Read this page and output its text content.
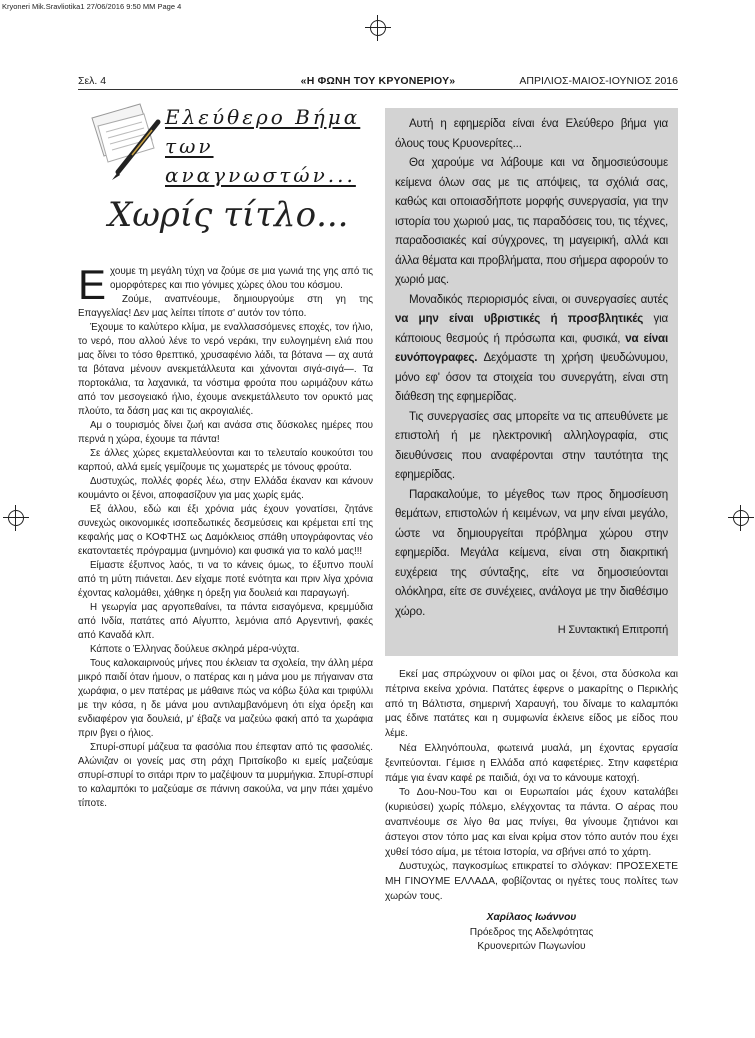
Kryoneri Mik.Sravliotika1 27/06/2016 9:50 ΜΜ Page 4
Σελ. 4	«Η ΦΩΝΗ ΤΟΥ ΚΡΥΟΝΕΡΙΟΥ»	ΑΠΡΙΛΙΟΣ-ΜΑΙΟΣ-ΙΟΥΝΙΟΣ 2016
Ελεύθερο Βήμα
των
αναγνωστών...
Χωρίς τίτλο...

Εχουμε τη μεγάλη τύχη να ζούμε σε μια γωνιά της γης από τις ομορφότερες και πιο γόνιμες χώρες όλου του κόσμου.

Ζούμε, αναπνέουμε, δημιουργούμε στη γη της Επαγγελίας! Δεν μας λείπει τίποτε σ' αυτόν τον τόπο.

Έχουμε το καλύτερο κλίμα, με εναλλασσόμενες εποχές, τον ήλιο, το νερό, που αλλού λένε το νερό νεράκι, την ευλογημένη ελιά που μας δίνει το τόσο θρεπτικό, χρυσαφένιο λάδι, τα βότανα — αχ αυτά τα βότανα μένουν ανεκμετάλλευτα και χάνονται σιγά-σιγά—. Τα πορτοκάλια, τα λαχανικά, τα νόστιμα φρούτα που ωριμάζουν κάτω από τον μεσογειακό ήλιο, έχουμε ανεκμετάλλευτο τον ορυκτό μας πλούτο, τα δάση μας και τις ακρογιαλιές.

Αμ ο τουρισμός δίνει ζωή και ανάσα στις δύσκολες ημέρες που περνά η χώρα, έχουμε τα πάντα!

Σε άλλες χώρες εκμεταλλεύονται και το τελευταίο κουκούτσι του καρπού, αλλά εμείς γεμίζουμε τις χωματερές με τόνους φρούτα.

Δυστυχώς, πολλές φορές λέω, στην Ελλάδα έκαναν και κάνουν κουμάντο οι ξένοι, αποφασίζουν για μας χωρίς εμάς.

Εξ άλλου, εδώ και έξι χρόνια μάς έχουν γονατίσει, ζητάνε συνεχώς οικονομικές ισοπεδωτικές δεσμεύσεις και κρέμεται επί της κεφαλής μας ο ΚΟΦΤΗΣ ως Δαμόκλειος σπάθη υπογράφοντας νέο εκατονταετές πρόγραμμα (μνημόνιο) και φυσικά για το καλό μας!!!

Είμαστε έξυπνος λαός, τι να το κάνεις όμως, το έξυπνο πουλί από τη μύτη πιάνεται. Δεν είχαμε ποτέ ενότητα και πριν λίγα χρόνια έχοντας καλομάθει, χάθηκε η όρεξη για δουλειά και παραγωγή.

Η γεωργία μας αργοπεθαίνει, τα πάντα εισαγόμενα, κρεμμύδια από Ινδία, πατάτες από Αίγυπτο, λεμόνια από Αργεντινή, φακές από Καναδά κλπ.

Κάποτε ο Έλληνας δούλευε σκληρά μέρα-νύχτα.

Τους καλοκαιρινούς μήνες που έκλειαν τα σχολεία, την άλλη μέρα μικρό παιδί όταν ήμουν, ο πατέρας και η μάνα μου με πήγαιναν στα χωράφια, ο μεν πατέρας με μάθαινε πώς να κόβω ξύλα και τριφύλλι με την κόσα, η δε μάνα μου αντιλαμβανόμενη ότι είχα όρεξη και ενδιαφέρον για δουλειά, μ' έβαζε να μαζεύω φακή από τα χωράφια πριν βγει ο ήλιος.

Σπυρί-σπυρί μάζευα τα φασόλια που έπεφταν από τις φασολιές. Αλώνιζαν οι γονείς μας στη ράχη Πριτσίκοβο κι εμείς μαζεύαμε σπυρί-σπυρί το σιτάρι πριν το μαζέψουν τα μυρμήγκια. Σπυρί-σπυρί το καλαμπόκι το μαζεύαμε σε πάνινη σακούλα, να μην πάει χαμένο τίποτε.

Αυτή η εφημερίδα είναι ένα Ελεύθερο βήμα για όλους τους Κρυονερίτες...

Θα χαρούμε να λάβουμε και να δημοσιεύσουμε κείμενα όλων σας με τις απόψεις, τα σχόλιά σας, καθώς και οποιασδήποτε μορφής συνεργασία, για την ιστορία του χωριού μας, τις παραδόσεις του, τις τέχνες, παραδοσιακές καί σύγχρονες, τη μαγειρική, αλλά και άλλα θέματα και προβλήματα, που σήμερα αφορούν το χωριό μας.

Μοναδικός περιορισμός είναι, οι συνεργασίες αυτές να μην είναι υβριστικές ή προσβλητικές για κάποιους θεσμούς ή πρόσωπα και, φυσικά, να είναι ευνόπογραφες. Δεχόμαστε τη χρήση ψευδώνυμου, μόνο εφ' όσον τα στοιχεία του συνεργάτη, είναι στη διάθεση της εφημερίδας.

Τις συνεργασίες σας μπορείτε να τις απευθύνετε με επιστολή ή με ηλεκτρονική αλληλογραφία, στις διευθύνσεις που αναφέρονται στην ταυτότητα της εφημερίδας.

Παρακαλούμε, το μέγεθος των προς δημοσίευση θεμάτων, επιστολών ή κειμένων, να μην είναι μεγάλο, ώστε να δημιουργείται πρόβλημα χώρου στην εφημερίδα. Μεγάλα κείμενα, είναι στη διακριτική ευχέρεια της σύνταξης, είτε να δημοσιεύονται ολόκληρα, είτε σε συνέχειες, ανάλογα με την διαθέσιμο χώρο.

Η Συντακτική Επιτροπή

Εκεί μας σπρώχνουν οι φίλοι μας οι ξένοι, στα δύσκολα και πέτρινα εκείνα χρόνια. Πατάτες έφερνε ο μακαρίτης ο Περικλής από τη Βάλτιστα, σημερινή Χαραυγή, του δίναμε το καλαμπόκι μας έδινε πατάτες και η συμφωνία έκλεινε είδος με είδος που λέμε.

Νέα Ελληνόπουλα, φωτεινά μυαλά, μη έχοντας εργασία ξενιτεύονται. Γέμισε η Ελλάδα από καφετέριες. Στην καφετέρια πάμε για έναν καφέ ρε παιδιά, όχι να το κάνουμε κατοχή.

Το Δου-Νου-Του και οι Ευρωπαίοι μάς έχουν καταλάβει (κυριεύσει) χωρίς πόλεμο, ελέγχοντας τα πάντα. Ο αέρας που αναπνέουμε σε λίγο θα μας πνίγει, θα γίνουμε ζητιάνοι και άστεγοι στον τόπο μας και είναι κρίμα στον τόπο αυτόν που έχει χυθεί τόσο αίμα, με τέτοια Ιστορία, να σβήνει από το χάρτη.

Δυστυχώς, παγκοσμίως επικρατεί το σλόγκαν: ΠΡΟΣΕΧΕΤΕ ΜΗ ΓΙΝΟΥΜΕ ΕΛΛΑΔΑ, φοβίζοντας οι ηγέτες τους πολίτες των χωρών τους.

Χαρίλαος Ιωάννου
Πρόεδρος της Αδελφότητας
Κρυονεριτών Πωγωνίου
